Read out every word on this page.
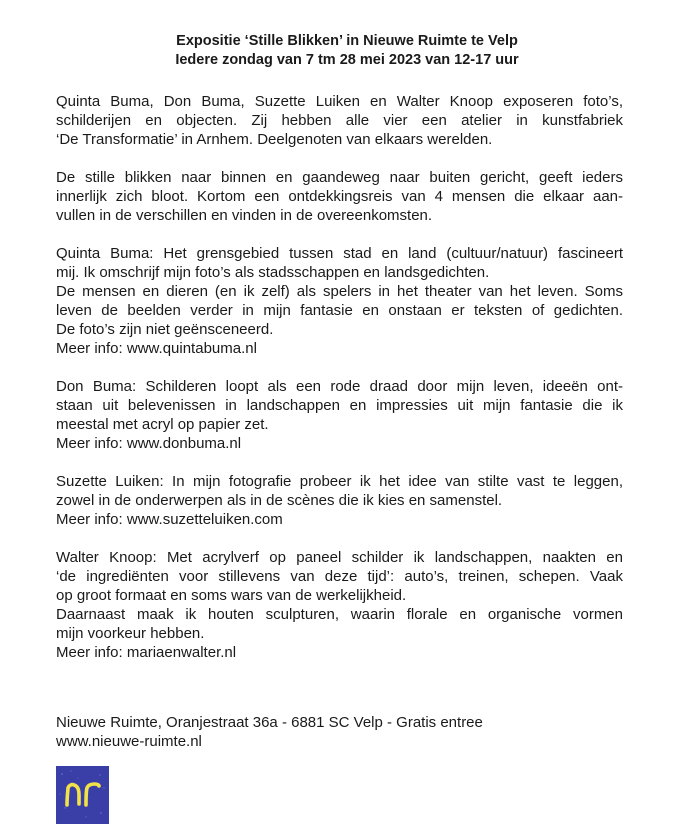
Expositie ‘Stille Blikken’ in Nieuwe Ruimte te Velp
Iedere zondag van 7 tm 28 mei 2023 van 12-17 uur
Quinta Buma, Don Buma, Suzette Luiken en Walter Knoop exposeren foto’s,
schilderijen en objecten. Zij hebben alle vier een atelier in kunstfabriek
‘De Transformatie’ in Arnhem. Deelgenoten van elkaars werelden.
De stille blikken naar binnen en gaandeweg naar buiten gericht, geeft ieders
innerlijk zich bloot. Kortom een ontdekkingsreis van 4 mensen die elkaar aan-
vullen in de verschillen en vinden in de overeenkomsten.
Quinta Buma: Het grensgebied tussen stad en land (cultuur/natuur) fascineert
mij. Ik omschrijf mijn foto’s als stadsschappen en landsgedichten.
De mensen en dieren (en ik zelf) als spelers in het theater van het leven. Soms
leven de beelden verder in mijn fantasie en onstaan er teksten of gedichten.
De foto’s zijn niet geënsceneerd.
Meer info: www.quintabuma.nl
Don Buma: Schilderen loopt als een rode draad door mijn leven, ideeën ont-
staan uit belevenissen in landschappen en impressies uit mijn fantasie die ik
meestal met acryl op papier zet.
Meer info: www.donbuma.nl
Suzette Luiken: In mijn fotografie probeer ik het idee van stilte vast te leggen,
zowel in de onderwerpen als in de scènes die ik kies en samenstel.
Meer info: www.suzetteluiken.com
Walter Knoop: Met acrylverf op paneel schilder ik landschappen, naakten en
‘de ingrediënten voor stillevens van deze tijd’: auto’s, treinen, schepen. Vaak
op groot formaat en soms wars van de werkelijkheid.
Daarnaast maak ik houten sculpturen, waarin florale en organische vormen
mijn voorkeur hebben.
Meer info: mariaenwalter.nl
Nieuwe Ruimte, Oranjestraat 36a - 6881 SC Velp - Gratis entree
www.nieuwe-ruimte.nl
